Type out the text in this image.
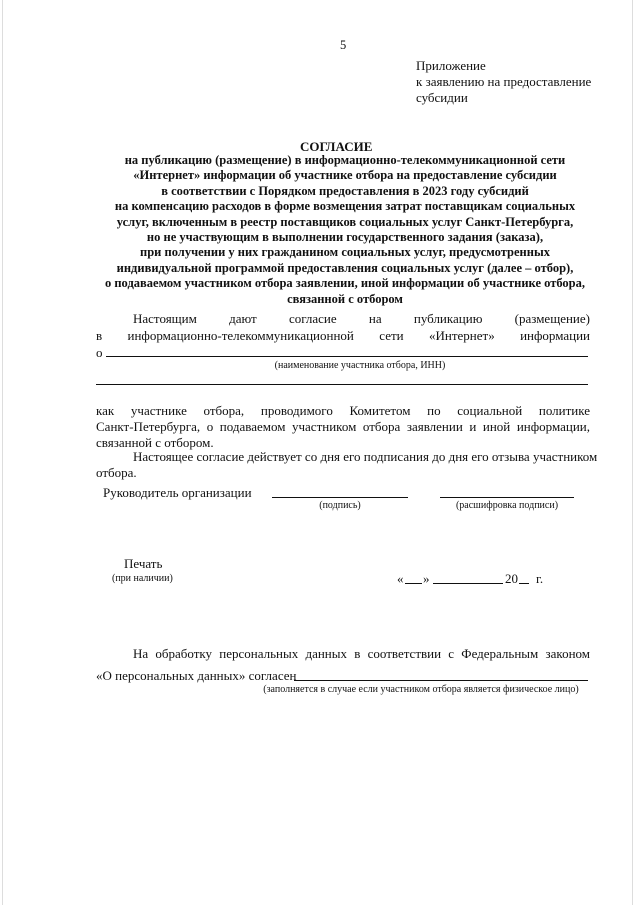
5
Приложение
к заявлению на предоставление
субсидии
СОГЛАСИЕ
на публикацию (размещение) в информационно-телекоммуникационной сети
«Интернет» информации об участнике отбора на предоставление субсидии
в соответствии с Порядком предоставления в 2023 году субсидий
на компенсацию расходов в форме возмещения затрат поставщикам социальных
услуг, включенным в реестр поставщиков социальных услуг Санкт-Петербурга,
но не участвующим в выполнении государственного задания (заказа),
при получении у них гражданином социальных услуг, предусмотренных
индивидуальной программой предоставления социальных услуг (далее – отбор),
о подаваемом участником отбора заявлении, иной информации об участнике отбора,
связанной с отбором
Настоящим дают согласие на публикацию (размещение)
в информационно-телекоммуникационной сети «Интернет» информации
о
(наименование участника отбора, ИНН)
как участнике отбора, проводимого Комитетом по социальной политике
Санкт-Петербурга, о подаваемом участником отбора заявлении и иной информации,
связанной с отбором.
Настоящее согласие действует со дня его подписания до дня его отзыва участником
отбора.
Руководитель организации
(подпись)	(расшифровка подписи)
Печать
(при наличии)	« »	20 г.
На обработку персональных данных в соответствии с Федеральным законом
«О персональных данных» согласен
(заполняется в случае если участником отбора является физическое лицо)
